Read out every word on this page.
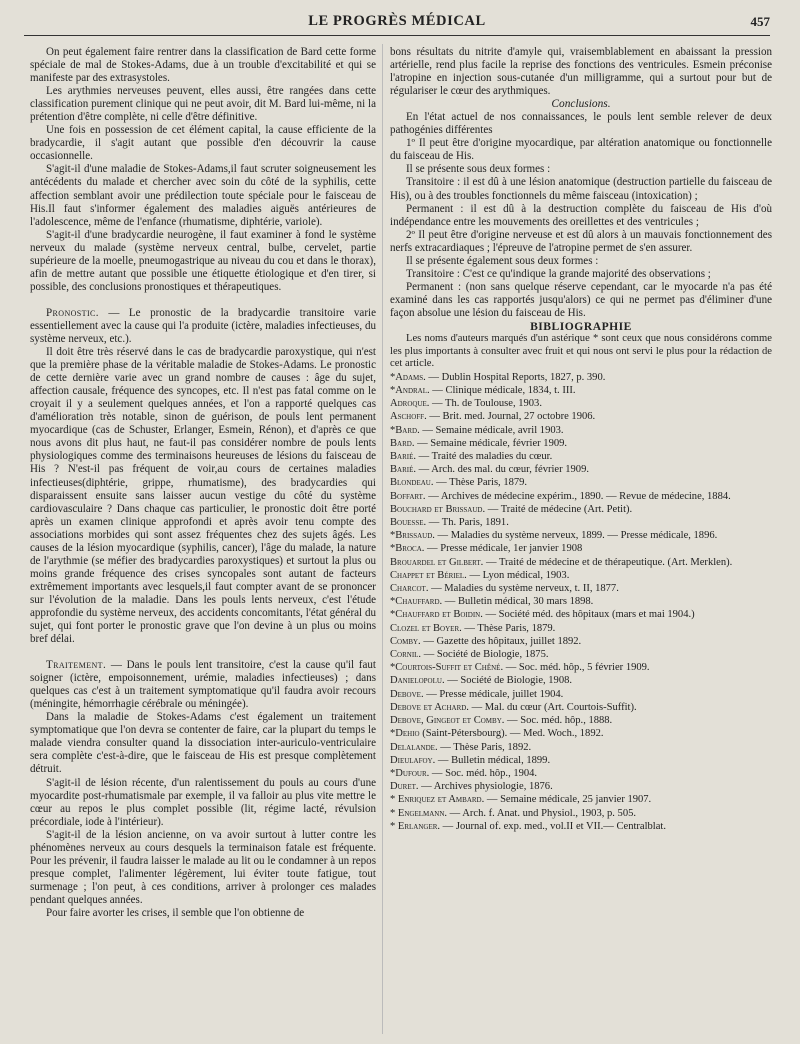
LE PROGRÈS MÉDICAL	457

On peut également faire rentrer dans la classification de Bard cette forme spéciale de mal de Stokes-Adams, due à un trouble d'excitabilité et qui se manifeste par des extrasystoles.

Les arythmies nerveuses peuvent, elles aussi, être rangées dans cette classification purement clinique qui ne peut avoir, dit M. Bard lui-même, ni la prétention d'être complète, ni celle d'être définitive.

Une fois en possession de cet élément capital, la cause efficiente de la bradycardie, il s'agit autant que possible d'en découvrir la cause occasionnelle.

S'agit-il d'une maladie de Stokes-Adams,il faut scruter soigneusement les antécédents du malade et chercher avec soin du côté de la syphilis, cette affection semblant avoir une prédilection toute spéciale pour le faisceau de His.Il faut s'informer également des maladies aiguës antérieures de l'adolescence, même de l'enfance (rhumatisme, diphtérie, variole).

S'agit-il d'une bradycardie neurogène, il faut examiner à fond le système nerveux du malade (système nerveux central, bulbe, cervelet, partie supérieure de la moelle, pneumogastrique au niveau du cou et dans le thorax), afin de mettre autant que possible une étiquette étiologique et d'en tirer, si possible, des conclusions pronostiques et thérapeutiques.

Pronostic. — Le pronostic de la bradycardie transitoire varie essentiellement avec la cause qui l'a produite (ictère, maladies infectieuses, du système nerveux, etc.).

Il doit être très réservé dans le cas de bradycardie paroxystique, qui n'est que la première phase de la véritable maladie de Stokes-Adams. Le pronostic de cette dernière varie avec un grand nombre de causes : âge du sujet, affection causale, fréquence des syncopes, etc. Il n'est pas fatal comme on le croyait il y a seulement quelques années, et l'on a rapporté quelques cas d'amélioration très notable, sinon de guérison, de pouls lent permanent myocardique (cas de Schuster, Erlanger, Esmein, Rénon), et d'après ce que nous avons dit plus haut, ne faut-il pas considérer nombre de pouls lents physiologiques comme des terminaisons heureuses de lésions du faisceau de His ? N'est-il pas fréquent de voir,au cours de certaines maladies infectieuses(diphtérie, grippe, rhumatisme), des bradycardies qui disparaissent ensuite sans laisser aucun vestige du côté du système cardiovasculaire ? Dans chaque cas particulier, le pronostic doit être porté après un examen clinique approfondi et après avoir tenu compte des associations morbides qui sont assez fréquentes chez des sujets âgés. Les causes de la lésion myocardique (syphilis, cancer), l'âge du malade, la nature de l'arythmie (se méfier des bradycardies paroxystiques) et surtout la plus ou moins grande fréquence des crises syncopales sont autant de facteurs extrêmement importants avec lesquels,il faut compter avant de se prononcer sur l'évolution de la maladie. Dans les pouls lents nerveux, c'est l'étude approfondie du système nerveux, des accidents concomitants, l'état général du sujet, qui font porter le pronostic grave que l'on devine à un plus ou moins bref délai.

Traitement. — Dans le pouls lent transitoire, c'est la cause qu'il faut soigner (ictère, empoisonnement, urémie, maladies infectieuses) ; dans quelques cas c'est à un traitement symptomatique qu'il faudra avoir recours (méningite, hémorrhagie cérébrale ou méningée).

Dans la maladie de Stokes-Adams c'est également un traitement symptomatique que l'on devra se contenter de faire, car la plupart du temps le malade viendra consulter quand la dissociation inter-auriculo-ventriculaire sera complète c'est-à-dire, que le faisceau de His est presque complètement détruit.

S'agit-il de lésion récente, d'un ralentissement du pouls au cours d'une myocardite post-rhumatismale par exemple, il va falloir au plus vite mettre le cœur au repos le plus complet possible (lit, régime lacté, révulsion précordiale, iode à l'intérieur).

S'agit-il de la lésion ancienne, on va avoir surtout à lutter contre les phénomènes nerveux au cours desquels la terminaison fatale est fréquente. Pour les prévenir, il faudra laisser le malade au lit ou le condamner à un repos presque complet, l'alimenter légèrement, lui éviter toute fatigue, tout surmenage ; l'on peut, à ces conditions, arriver à prolonger ces malades pendant quelques années.

Pour faire avorter les crises, il semble que l'on obtienne de

bons résultats du nitrite d'amyle qui, vraisemblablement en abaissant la pression artérielle, rend plus facile la reprise des fonctions des ventricules. Esmein préconise l'atropine en injection sous-cutanée d'un milligramme, qui a surtout pour but de régulariser le cœur des arythmiques.

Conclusions.

En l'état actuel de nos connaissances, le pouls lent semble relever de deux pathogénies différentes

1º Il peut être d'origine myocardique, par altération anatomique ou fonctionnelle du faisceau de His.

Il se présente sous deux formes :

Transitoire : il est dû à une lésion anatomique (destruction partielle du faisceau de His), ou à des troubles fonctionnels du même faisceau (intoxication) ;

Permanent : il est dû à la destruction complète du faisceau de His d'où indépendance entre les mouvements des oreillettes et des ventricules ;

2º Il peut être d'origine nerveuse et est dû alors à un mauvais fonctionnement des nerfs extracardiaques ; l'épreuve de l'atropine permet de s'en assurer.

Il se présente également sous deux formes :

Transitoire : C'est ce qu'indique la grande majorité des observations ;

Permanent : (non sans quelque réserve cependant, car le myocarde n'a pas été examiné dans les cas rapportés jusqu'alors) ce qui ne permet pas d'éliminer d'une façon absolue une lésion du faisceau de His.

BIBLIOGRAPHIE

Les noms d'auteurs marqués d'un astérique * sont ceux que nous considérons comme les plus importants à consulter avec fruit et qui nous ont servi le plus pour la rédaction de cet article.

*Adams. — Dublin Hospital Reports, 1827, p. 390.
*Andral. — Clinique médicale, 1834, t. III.
Adroque. — Th. de Toulouse, 1903.
Aschoff. — Brit. med. Journal, 27 octobre 1906.
*Bard. — Semaine médicale, avril 1903.
Bard. — Semaine médicale, février 1909.
Barié. — Traité des maladies du cœur.
Barié. — Arch. des mal. du cœur, février 1909.
Blondeau. — Thèse Paris, 1879.
Boffart. — Archives de médecine expérim., 1890. — Revue de médecine, 1884.
Bouchard et Brissaud. — Traité de médecine (Art. Petit).
Bouesse. — Th. Paris, 1891.
*Brissaud. — Maladies du système nerveux, 1899. — Presse médicale, 1896.
*Broca. — Presse médicale, 1er janvier 1908
Brouardel et Gilbert. — Traité de médecine et de thérapeutique. (Art. Merklen).
Chappet et Bériel. — Lyon médical, 1903.
Charcot. — Maladies du système nerveux, t. II, 1877.
*Chauffard. — Bulletin médical, 30 mars 1898.
*Chauffard et Boidin. — Société méd. des hôpitaux (mars et mai 1904.)
Clozel et Boyer. — Thèse Paris, 1879.
Comby. — Gazette des hôpitaux, juillet 1892.
Cornil. — Société de Biologie, 1875.
*Courtois-Suffit et Chêné. — Soc. méd. hôp., 5 février 1909.
Danielopolu. — Société de Biologie, 1908.
Debove. — Presse médicale, juillet 1904.
Debove et Achard. — Mal. du cœur (Art. Courtois-Suffit).
Debove, Gingeot et Comby. — Soc. méd. hôp., 1888.
*Dehio (Saint-Pétersbourg). — Med. Woch., 1892.
Delalande. — Thèse Paris, 1892.
Dieulafoy. — Bulletin médical, 1899.
*Dufour. — Soc. méd. hôp., 1904.
Duret. — Archives physiologie, 1876.
* Enriquez et Ambard. — Semaine médicale, 25 janvier 1907.
* Engelmann. — Arch. f. Anat. und Physiol., 1903, p. 505.
* Erlanger. — Journal of. exp. med., vol.II et VII.— Centralblat.
